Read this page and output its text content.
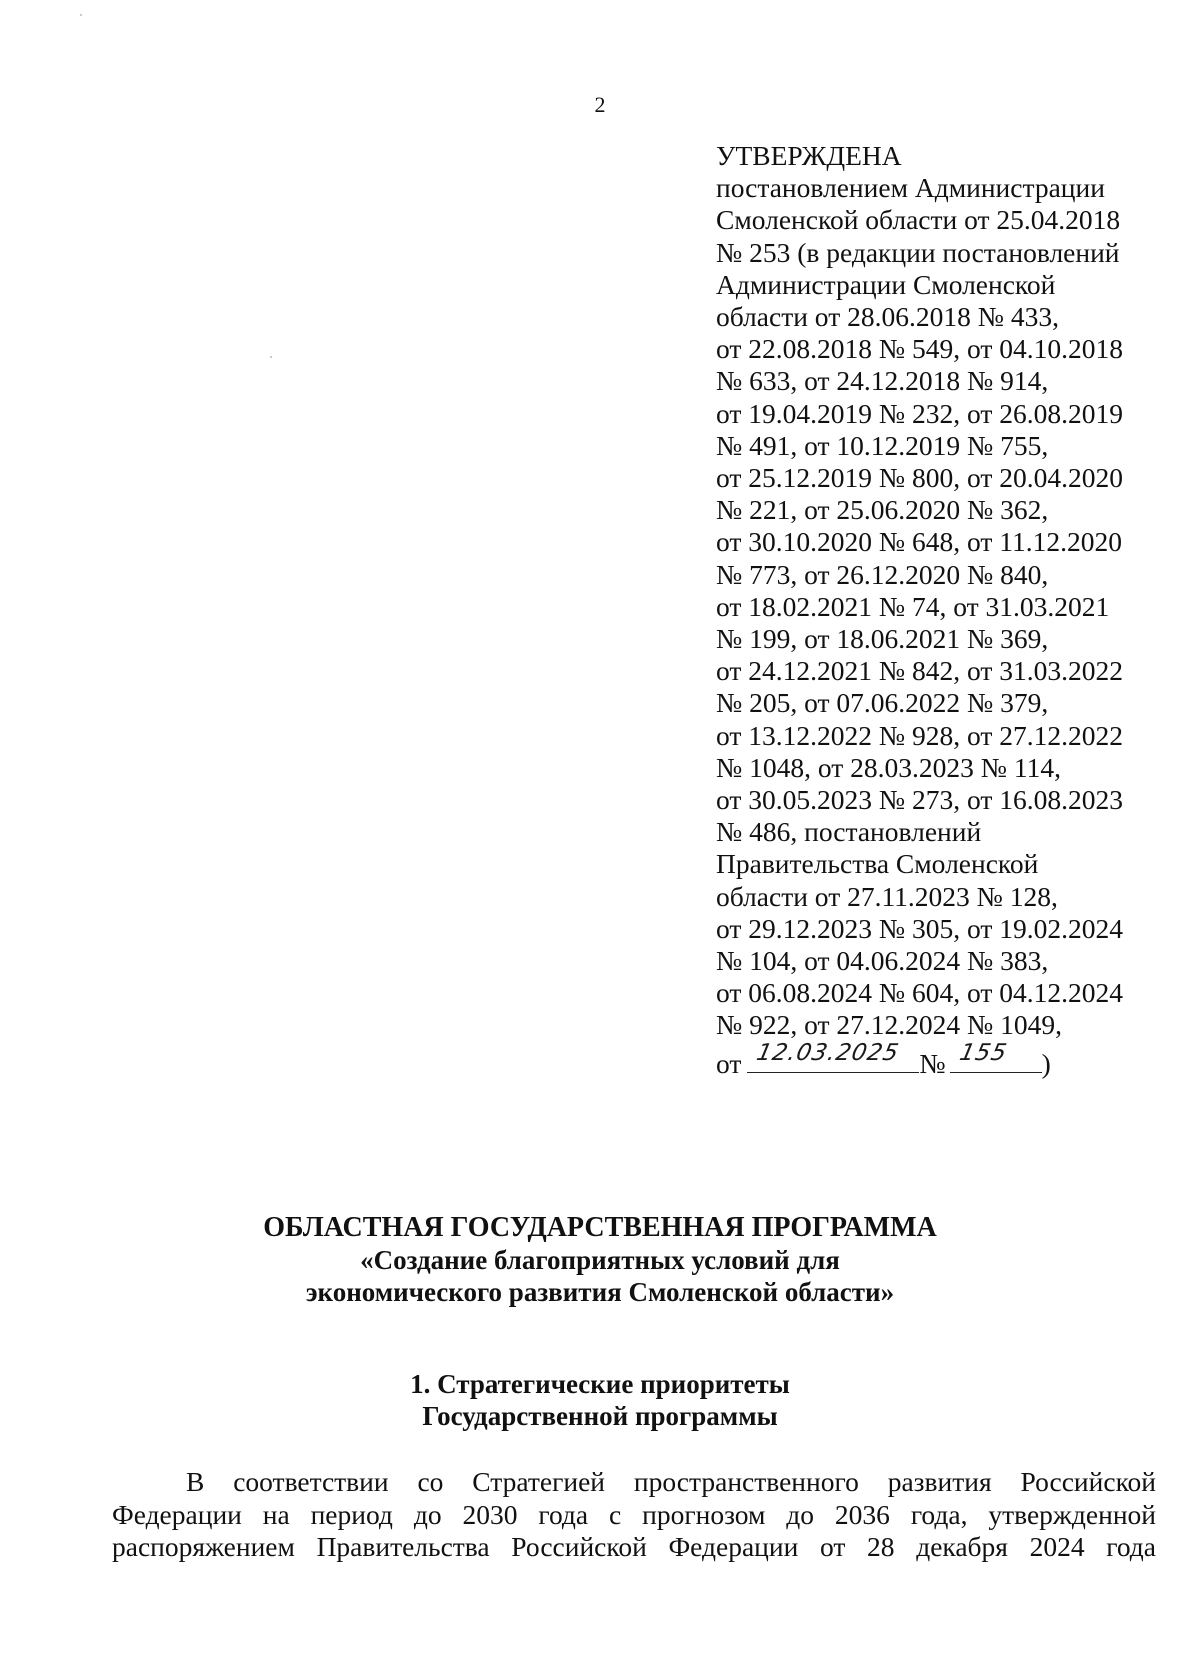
2
УТВЕРЖДЕНА
постановлением Администрации
Смоленской области от 25.04.2018
№ 253 (в редакции постановлений
Администрации Смоленской
области от 28.06.2018 № 433,
от 22.08.2018 № 549, от 04.10.2018
№ 633, от 24.12.2018 № 914,
от 19.04.2019 № 232, от 26.08.2019
№ 491, от 10.12.2019 № 755,
от 25.12.2019 № 800, от 20.04.2020
№ 221, от 25.06.2020 № 362,
от 30.10.2020 № 648, от 11.12.2020
№ 773, от 26.12.2020 № 840,
от 18.02.2021 № 74, от 31.03.2021
№ 199, от 18.06.2021 № 369,
от 24.12.2021 № 842, от 31.03.2022
№ 205, от 07.06.2022 № 379,
от 13.12.2022 № 928, от 27.12.2022
№ 1048, от 28.03.2023 № 114,
от 30.05.2023 № 273, от 16.08.2023
№ 486, постановлений
Правительства Смоленской
области от 27.11.2023 № 128,
от 29.12.2023 № 305, от 19.02.2024
№ 104, от 04.06.2024 № 383,
от 06.08.2024 № 604, от 04.12.2024
№ 922, от 27.12.2024 № 1049,
от 12.03.2025 № 155 )
ОБЛАСТНАЯ ГОСУДАРСТВЕННАЯ ПРОГРАММА
«Создание благоприятных условий для
экономического развития Смоленской области»
1. Стратегические приоритеты
Государственной программы
В соответствии со Стратегией пространственного развития Российской
Федерации на период до 2030 года с прогнозом до 2036 года, утвержденной
распоряжением Правительства Российской Федерации от 28 декабря 2024 года
